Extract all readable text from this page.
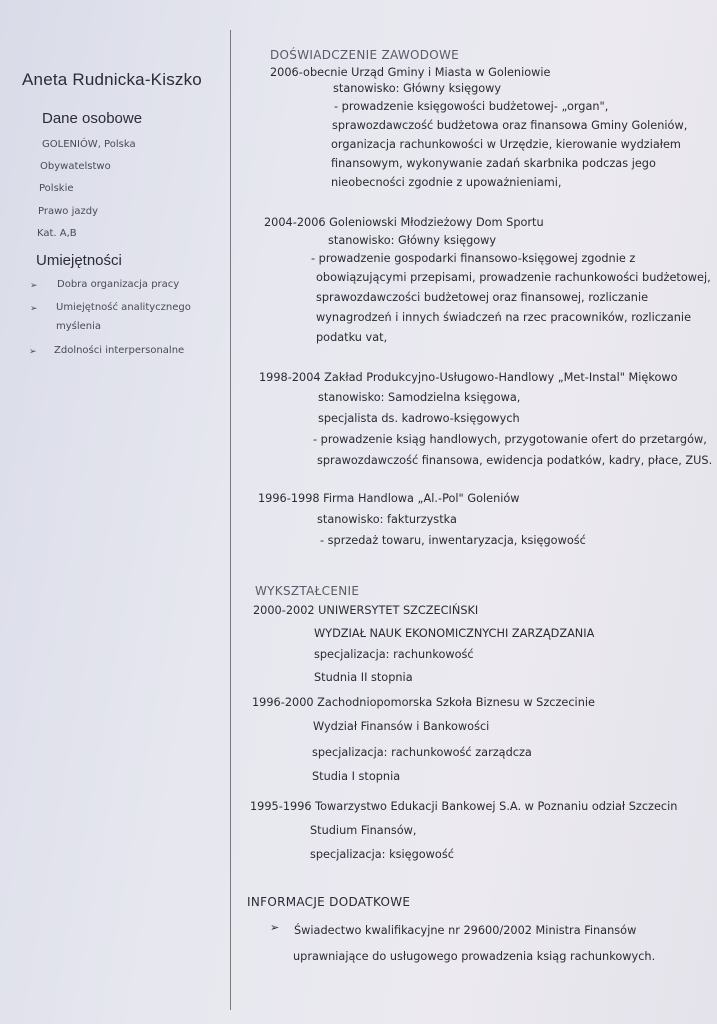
Aneta Rudnicka-Kiszko
Dane osobowe
GOLENIÓW, Polska
Obywatelstwo
Polskie
Prawo jazdy
Kat. A,B
Umiejętności
➢ Dobra organizacja pracy
➢ Umiejętność analitycznego
myślenia
➢ Zdolności interpersonalne
DOŚWIADCZENIE ZAWODOWE
2006-obecnie Urząd Gminy i Miasta w Goleniowie
stanowisko: Główny księgowy
- prowadzenie księgowości budżetowej- „organ",
sprawozdawczość budżetowa oraz finansowa Gminy Goleniów,
organizacja rachunkowości w Urzędzie, kierowanie wydziałem
finansowym, wykonywanie zadań skarbnika podczas jego
nieobecności zgodnie z upoważnieniami,
2004-2006 Goleniowski Młodzieżowy Dom Sportu
stanowisko: Główny księgowy
- prowadzenie gospodarki finansowo-księgowej zgodnie z
obowiązującymi przepisami, prowadzenie rachunkowości budżetowej,
sprawozdawczości budżetowej oraz finansowej, rozliczanie
wynagrodzeń i innych świadczeń na rzec pracowników, rozliczanie
podatku vat,
1998-2004 Zakład Produkcyjno-Usługowo-Handlowy „Met-Instal" Miękowo
stanowisko: Samodzielna księgowa,
specjalista ds. kadrowo-księgowych
- prowadzenie ksiąg handlowych, przygotowanie ofert do przetargów,
sprawozdawczość finansowa, ewidencja podatków, kadry, płace, ZUS.
1996-1998 Firma Handlowa „Al.-Pol" Goleniów
stanowisko: fakturzystka
- sprzedaż towaru, inwentaryzacja, księgowość
WYKSZTAŁCENIE
2000-2002 UNIWERSYTET SZCZECIŃSKI
WYDZIAŁ NAUK EKONOMICZNYCHI ZARZĄDZANIA
specjalizacja: rachunkowość
Studnia II stopnia
1996-2000 Zachodniopomorska Szkoła Biznesu w Szczecinie
Wydział Finansów i Bankowości
specjalizacja: rachunkowość zarządcza
Studia I stopnia
1995-1996 Towarzystwo Edukacji Bankowej S.A. w Poznaniu odział Szczecin
Studium Finansów,
specjalizacja: księgowość
INFORMACJE DODATKOWE
➢ Świadectwo kwalifikacyjne nr 29600/2002 Ministra Finansów
uprawniające do usługowego prowadzenia ksiąg rachunkowych.
